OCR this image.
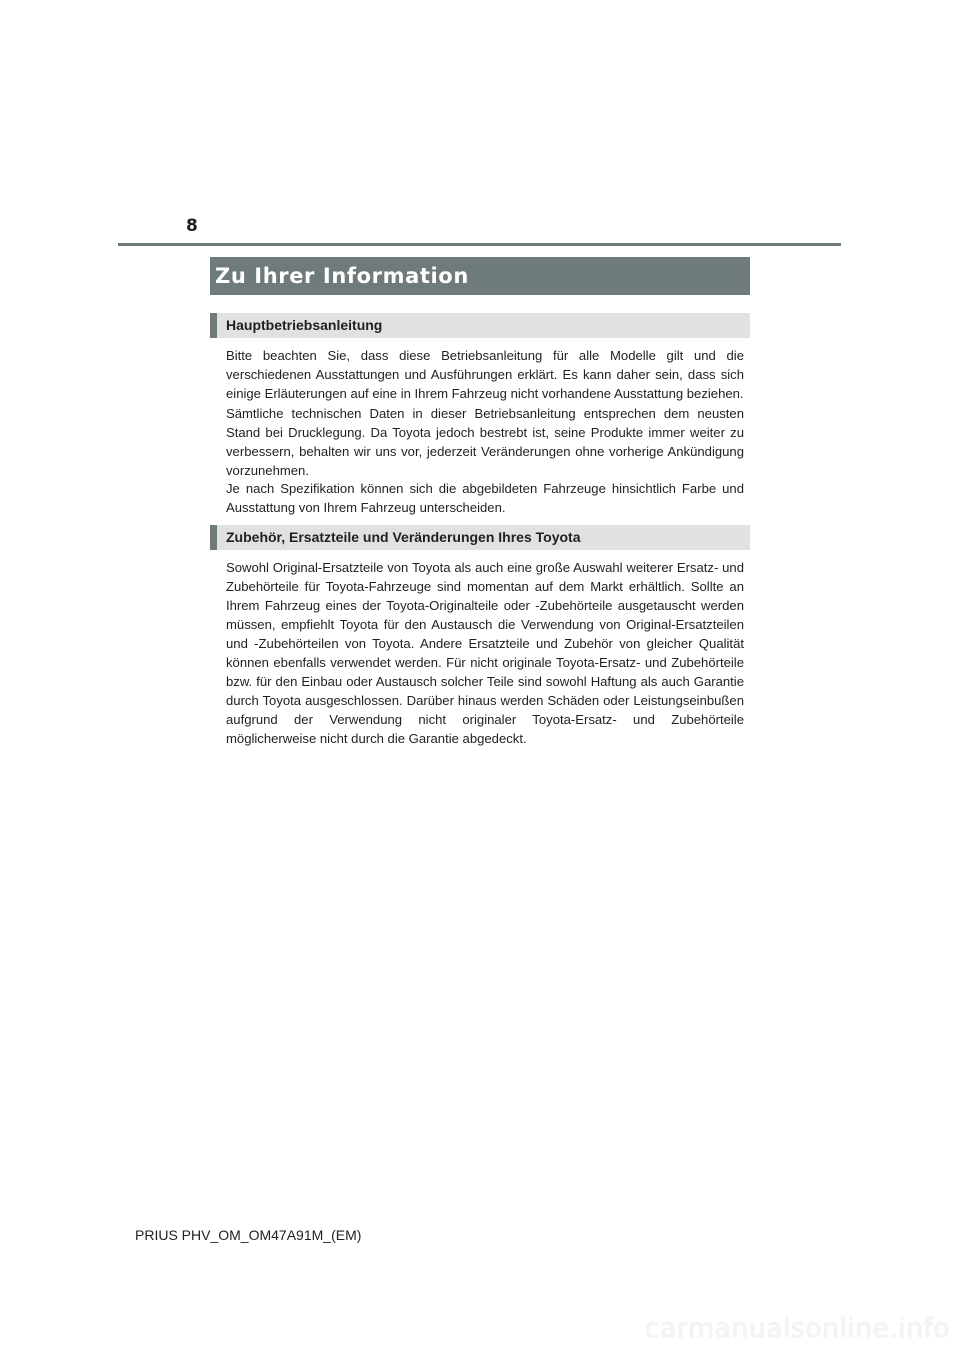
8
Zu Ihrer Information
Hauptbetriebsanleitung

Bitte beachten Sie, dass diese Betriebsanleitung für alle Modelle gilt und die verschiedenen Ausstattungen und Ausführungen erklärt. Es kann daher sein, dass sich einige Erläuterungen auf eine in Ihrem Fahrzeug nicht vorhandene Ausstattung beziehen.

Sämtliche technischen Daten in dieser Betriebsanleitung entsprechen dem neusten Stand bei Drucklegung. Da Toyota jedoch bestrebt ist, seine Produkte immer weiter zu verbessern, behalten wir uns vor, jederzeit Veränderungen ohne vorherige Ankündigung vorzunehmen.

Je nach Spezifikation können sich die abgebildeten Fahrzeuge hinsichtlich Farbe und Ausstattung von Ihrem Fahrzeug unterscheiden.

Zubehör, Ersatzteile und Veränderungen Ihres Toyota

Sowohl Original-Ersatzteile von Toyota als auch eine große Auswahl weiterer Ersatz- und Zubehörteile für Toyota-Fahrzeuge sind momentan auf dem Markt erhältlich. Sollte an Ihrem Fahrzeug eines der Toyota-Originalteile oder -Zubehörteile ausgetauscht werden müssen, empfiehlt Toyota für den Austausch die Verwendung von Original-Ersatzteilen und -Zubehörteilen von Toyota. Andere Ersatzteile und Zubehör von gleicher Qualität können ebenfalls verwendet werden. Für nicht originale Toyota-Ersatz- und Zubehörteile bzw. für den Einbau oder Austausch solcher Teile sind sowohl Haftung als auch Garantie durch Toyota ausgeschlossen. Darüber hinaus werden Schäden oder Leistungseinbußen aufgrund der Verwendung nicht originaler Toyota-Ersatz- und Zubehörteile möglicherweise nicht durch die Garantie abgedeckt.

PRIUS PHV_OM_OM47A91M_(EM)
carmanualsonline.info
